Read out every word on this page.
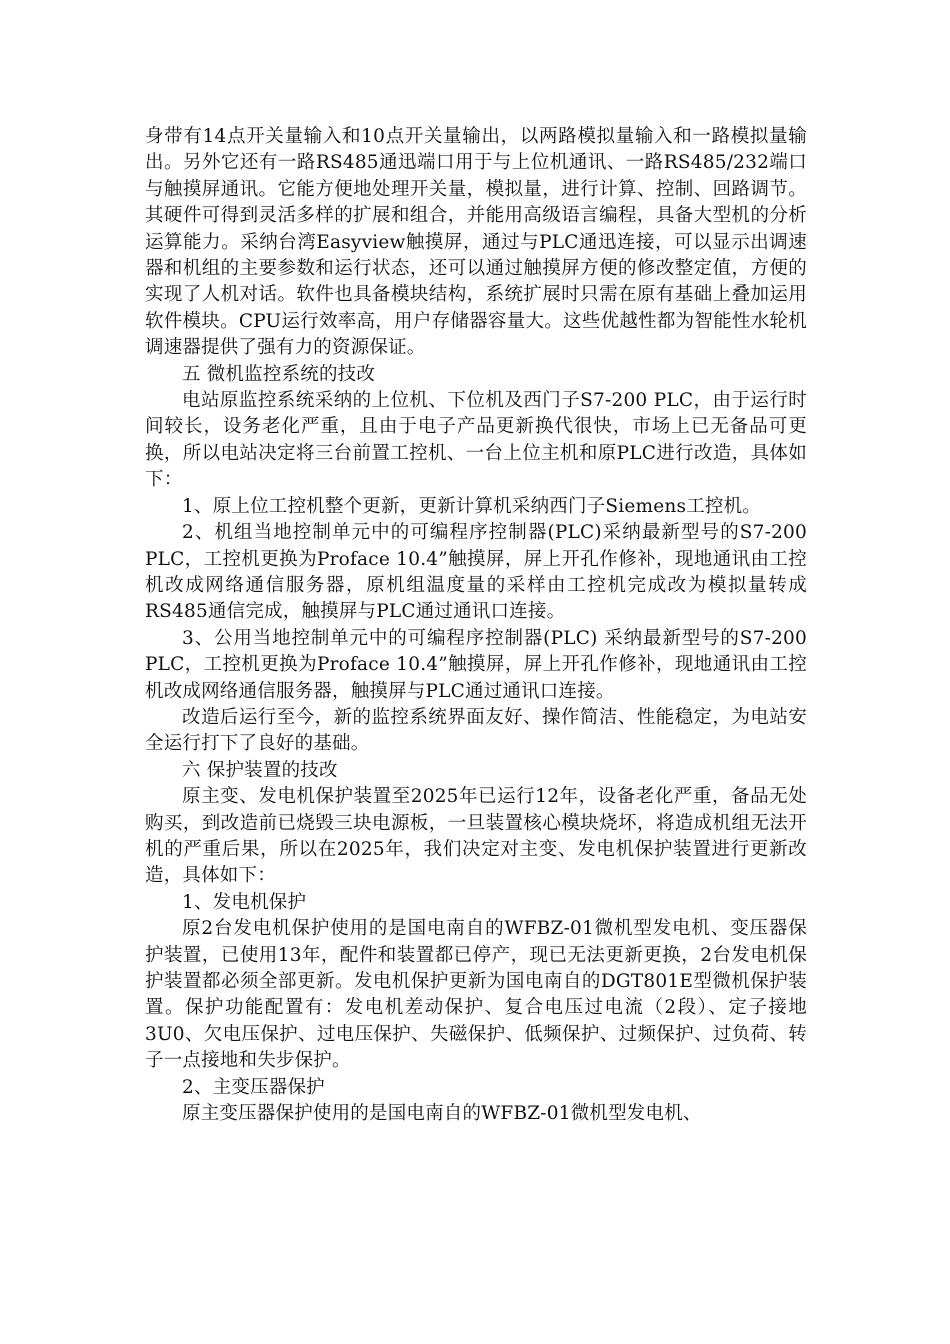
身带有14点开关量输入和10点开关量输出，以两路模拟量输入和一路模拟量输出。另外它还有一路RS485通迅端口用于与上位机通讯、一路RS485/232端口与触摸屏通讯。它能方便地处理开关量，模拟量，进行计算、控制、回路调节。其硬件可得到灵活多样的扩展和组合，并能用高级语言编程，具备大型机的分析运算能力。采纳台湾Easyview触摸屏，通过与PLC通迅连接，可以显示出调速器和机组的主要参数和运行状态，还可以通过触摸屏方便的修改整定值，方便的实现了人机对话。软件也具备模块结构，系统扩展时只需在原有基础上叠加运用软件模块。CPU运行效率高，用户存储器容量大。这些优越性都为智能性水轮机调速器提供了强有力的资源保证。

五 微机监控系统的技改

电站原监控系统采纳的上位机、下位机及西门子S7-200 PLC，由于运行时间较长，设务老化严重，且由于电子产品更新换代很快，市场上已无备品可更换，所以电站决定将三台前置工控机、一台上位主机和原PLC进行改造，具体如下：

1、原上位工控机整个更新，更新计算机采纳西门子Siemens工控机。

2、机组当地控制单元中的可编程序控制器(PLC)采纳最新型号的S7-200 PLC，工控机更换为Proface 10.4”触摸屏，屏上开孔作修补，现地通讯由工控机改成网络通信服务器，原机组温度量的采样由工控机完成改为模拟量转成RS485通信完成，触摸屏与PLC通过通讯口连接。

3、公用当地控制单元中的可编程序控制器(PLC) 采纳最新型号的S7-200 PLC，工控机更换为Proface 10.4”触摸屏，屏上开孔作修补，现地通讯由工控机改成网络通信服务器，触摸屏与PLC通过通讯口连接。

改造后运行至今，新的监控系统界面友好、操作简洁、性能稳定，为电站安全运行打下了良好的基础。

六 保护装置的技改

原主变、发电机保护装置至2025年已运行12年，设备老化严重，备品无处购买，到改造前已烧毁三块电源板，一旦装置核心模块烧坏，将造成机组无法开机的严重后果，所以在2025年，我们决定对主变、发电机保护装置进行更新改造，具体如下：

1、发电机保护

原2台发电机保护使用的是国电南自的WFBZ-01微机型发电机、变压器保护装置，已使用13年，配件和装置都已停产，现已无法更新更换，2台发电机保护装置都必须全部更新。发电机保护更新为国电南自的DGT801E型微机保护装置。保护功能配置有：发电机差动保护、复合电压过电流（2段）、定子接地3U0、欠电压保护、过电压保护、失磁保护、低频保护、过频保护、过负荷、转子一点接地和失步保护。

2、主变压器保护

原主变压器保护使用的是国电南自的WFBZ-01微机型发电机、
